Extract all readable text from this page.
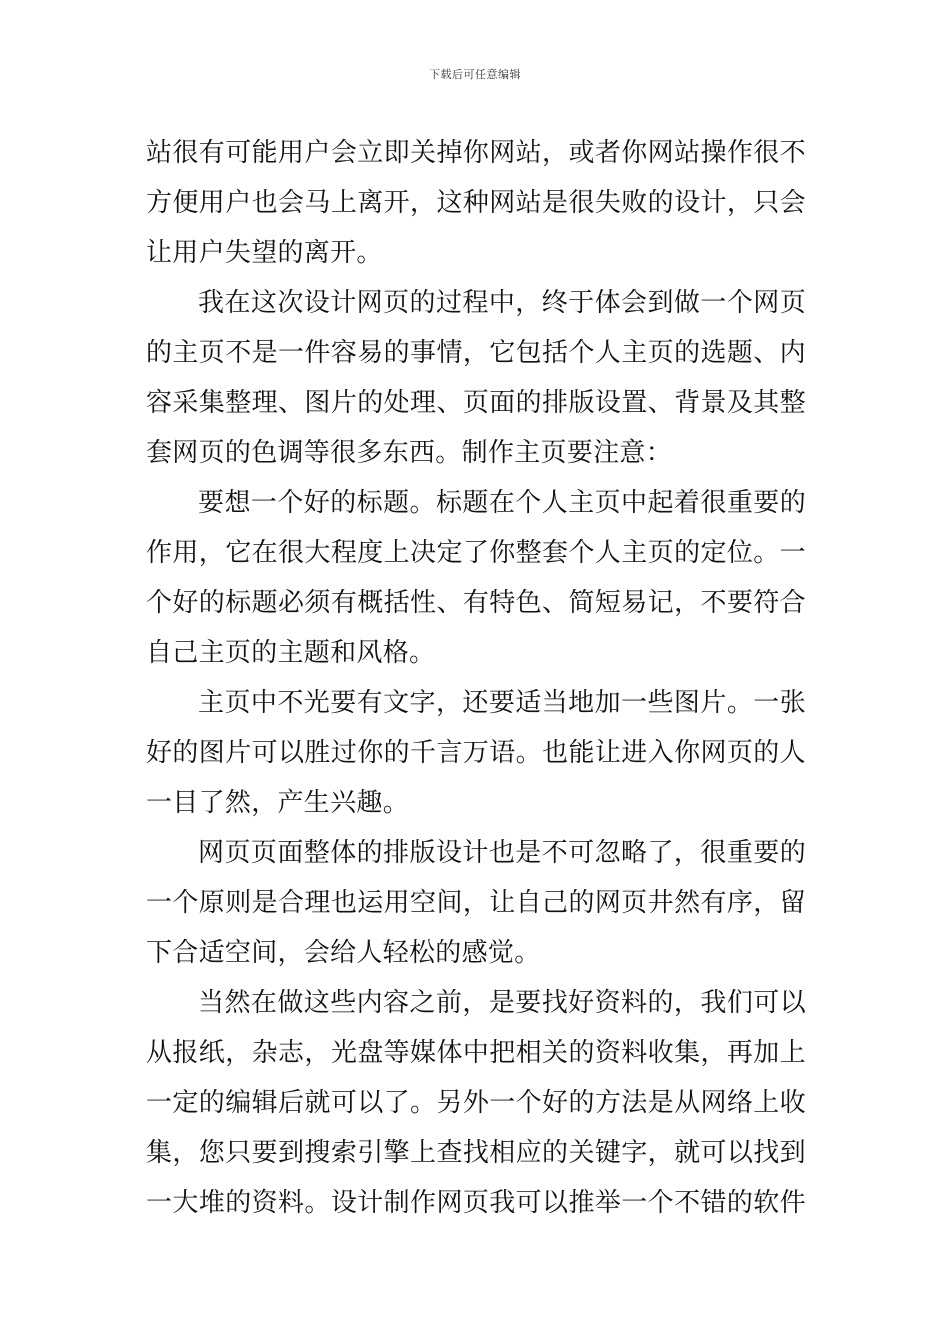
下载后可任意编辑

站很有可能用户会立即关掉你网站，或者你网站操作很不
方便用户也会马上离开，这种网站是很失败的设计，只会
让用户失望的离开。

我在这次设计网页的过程中，终于体会到做一个网页
的主页不是一件容易的事情，它包括个人主页的选题、内
容采集整理、图片的处理、页面的排版设置、背景及其整
套网页的色调等很多东西。制作主页要注意：

要想一个好的标题。标题在个人主页中起着很重要的
作用，它在很大程度上决定了你整套个人主页的定位。一
个好的标题必须有概括性、有特色、简短易记，不要符合
自己主页的主题和风格。

主页中不光要有文字，还要适当地加一些图片。一张
好的图片可以胜过你的千言万语。也能让进入你网页的人
一目了然，产生兴趣。

网页页面整体的排版设计也是不可忽略了，很重要的
一个原则是合理也运用空间，让自己的网页井然有序，留
下合适空间，会给人轻松的感觉。

当然在做这些内容之前，是要找好资料的，我们可以
从报纸，杂志，光盘等媒体中把相关的资料收集，再加上
一定的编辑后就可以了。另外一个好的方法是从网络上收
集，您只要到搜索引擎上查找相应的关键字，就可以找到
一大堆的资料。设计制作网页我可以推举一个不错的软件
